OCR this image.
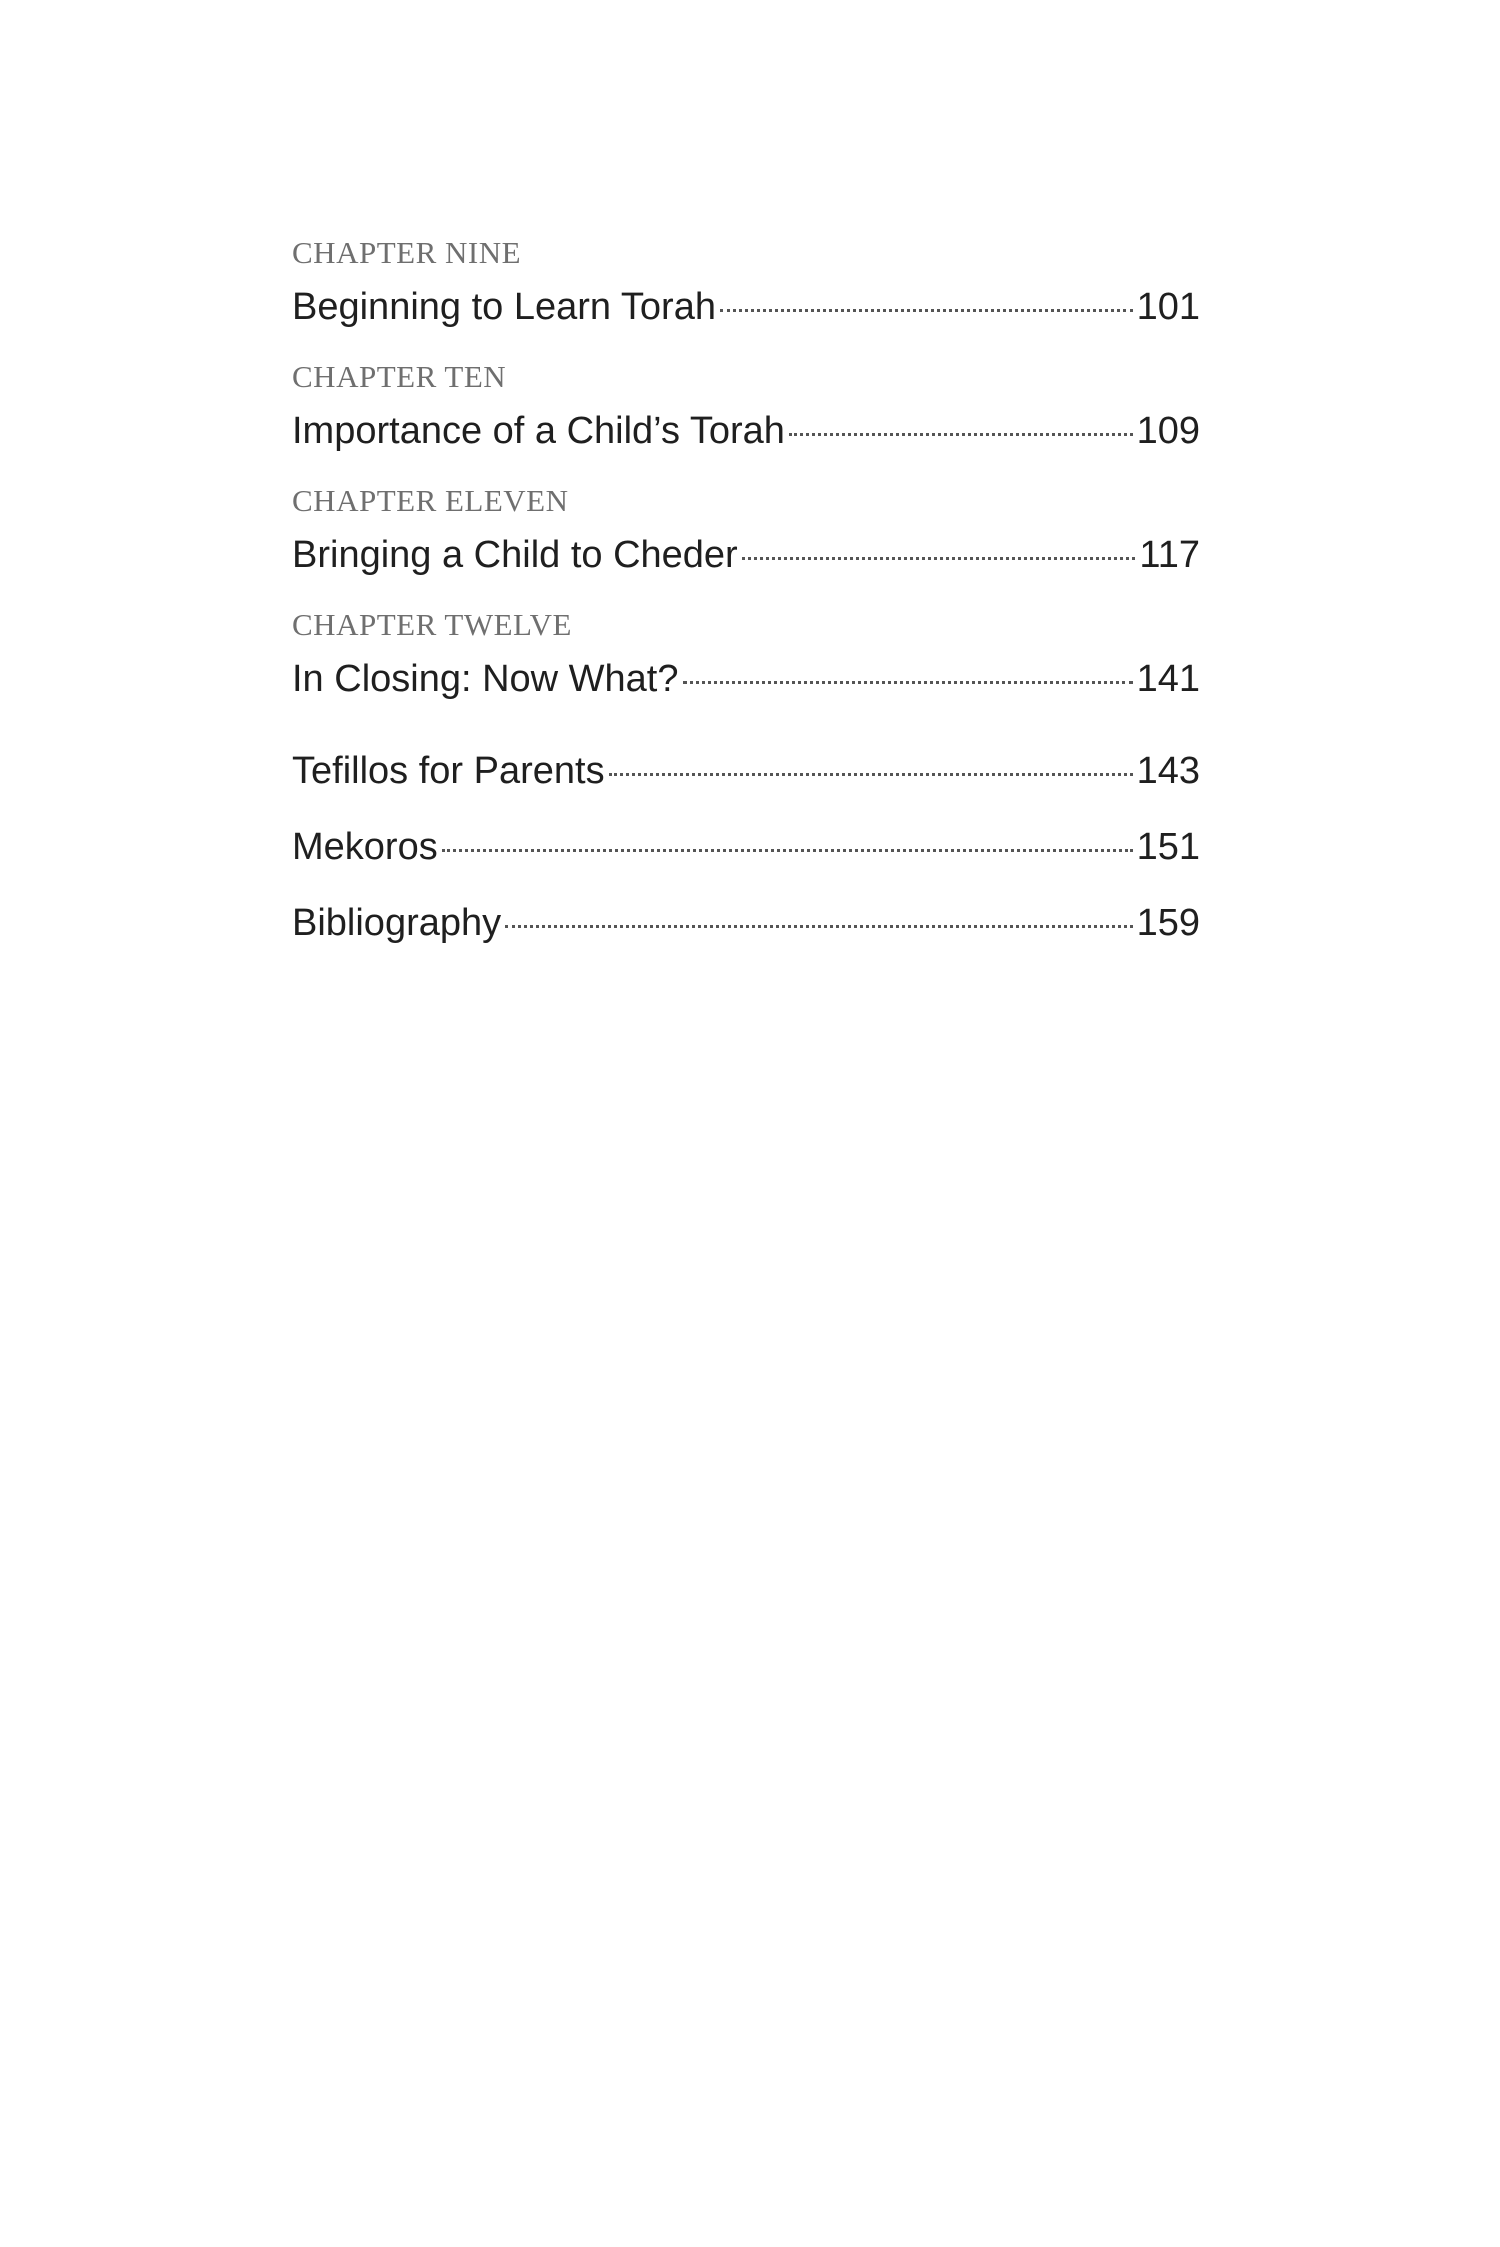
CHAPTER NINE
Beginning to Learn Torah	101
CHAPTER TEN
Importance of a Child’s Torah	109
CHAPTER ELEVEN
Bringing a Child to Cheder	117
CHAPTER TWELVE
In Closing: Now What?	141
Tefillos for Parents	143
Mekoros	151
Bibliography	159
